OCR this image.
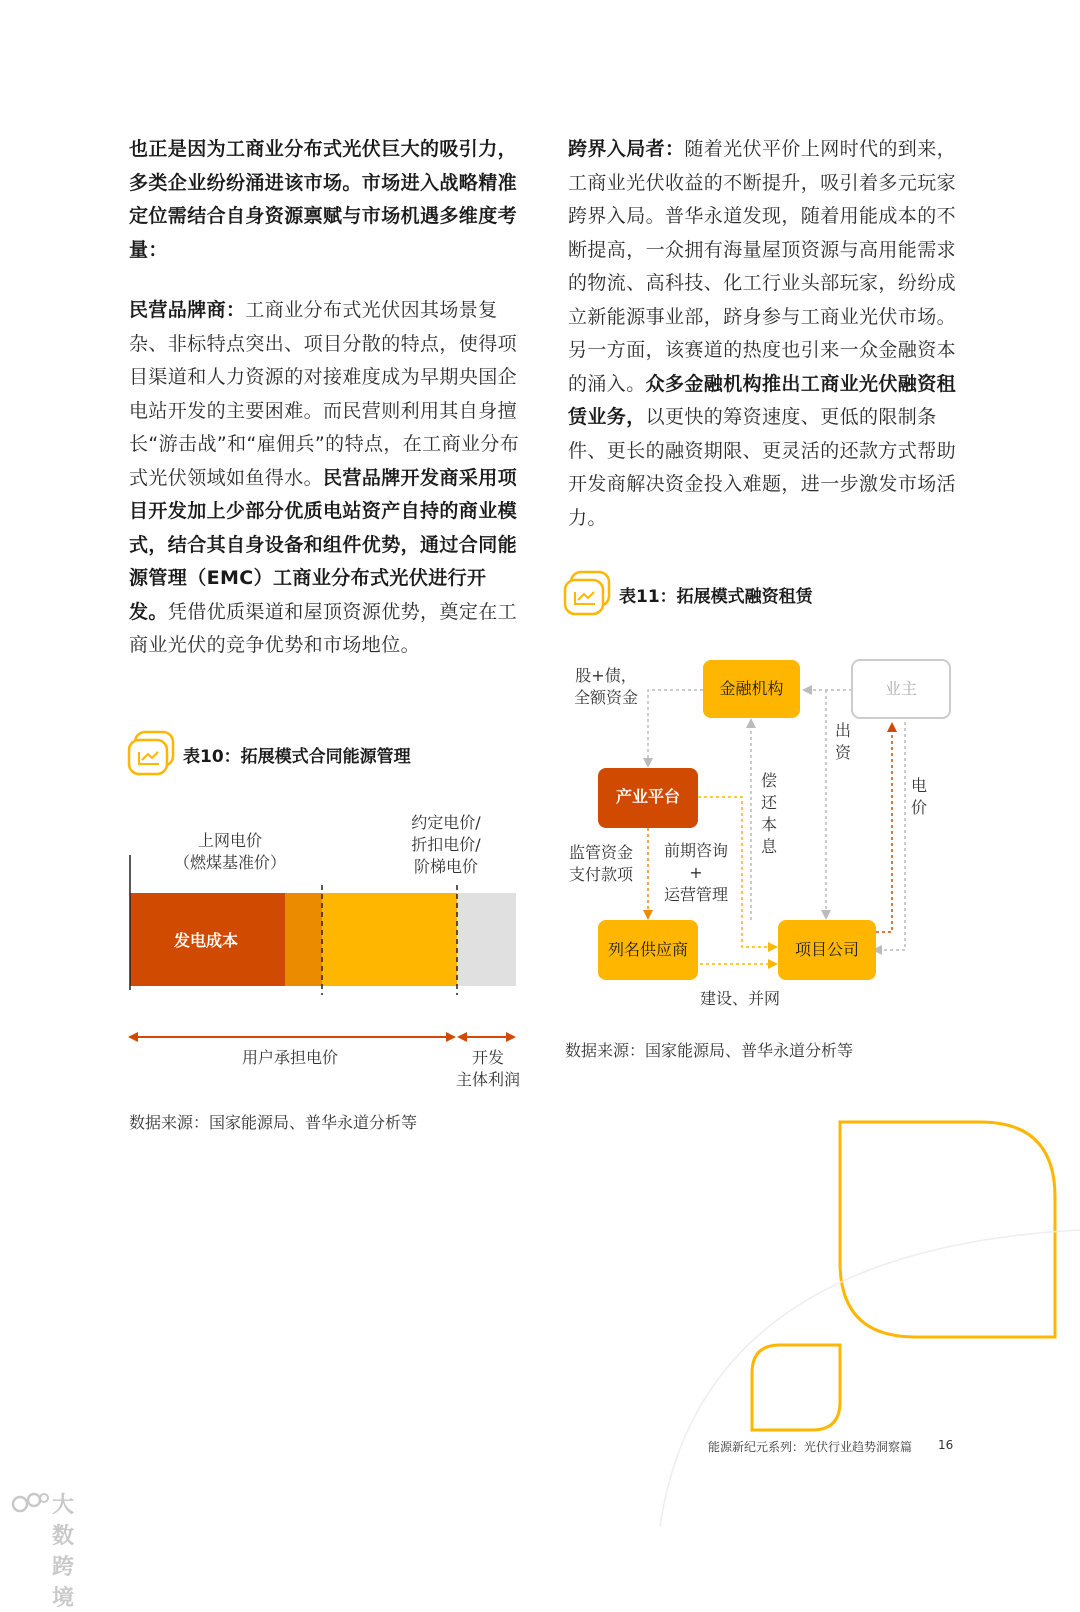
也正是因为工商业分布式光伏巨大的吸引力，多类企业纷纷涌进该市场。市场进入战略精准定位需结合自身资源禀赋与市场机遇多维度考量：

民营品牌商：工商业分布式光伏因其场景复杂、非标特点突出、项目分散的特点，使得项目渠道和人力资源的对接难度成为早期央国企电站开发的主要困难。而民营则利用其自身擅长“游击战”和“雇佣兵”的特点，在工商业分布式光伏领域如鱼得水。民营品牌开发商采用项目开发加上少部分优质电站资产自持的商业模式，结合其自身设备和组件优势，通过合同能源管理（EMC）工商业分布式光伏进行开发。凭借优质渠道和屋顶资源优势，奠定在工商业光伏的竞争优势和市场地位。

跨界入局者：随着光伏平价上网时代的到来，工商业光伏收益的不断提升，吸引着多元玩家跨界入局。普华永道发现，随着用能成本的不断提高，一众拥有海量屋顶资源与高用能需求的物流、高科技、化工行业头部玩家，纷纷成立新能源事业部，跻身参与工商业光伏市场。另一方面，该赛道的热度也引来一众金融资本的涌入。众多金融机构推出工商业光伏融资租赁业务，以更快的筹资速度、更低的限制条件、更长的融资期限、更灵活的还款方式帮助开发商解决资金投入难题，进一步激发市场活力。

表10：拓展模式合同能源管理
上网电价
（燃煤基准价）
约定电价/
折扣电价/
阶梯电价
发电成本
用户承担电价	开发
主体利润
数据来源：国家能源局、普华永道分析等
表11：拓展模式融资租赁
金融机构	业主
产业平台
列名供应商	项目公司
股+债，
全额资金
出资
偿还本息
电价
监管资金
支付款项
前期咨询
+
运营管理
建设、并网
数据来源：国家能源局、普华永道分析等
能源新纪元系列：光伏行业趋势洞察篇 16
大数跨境
